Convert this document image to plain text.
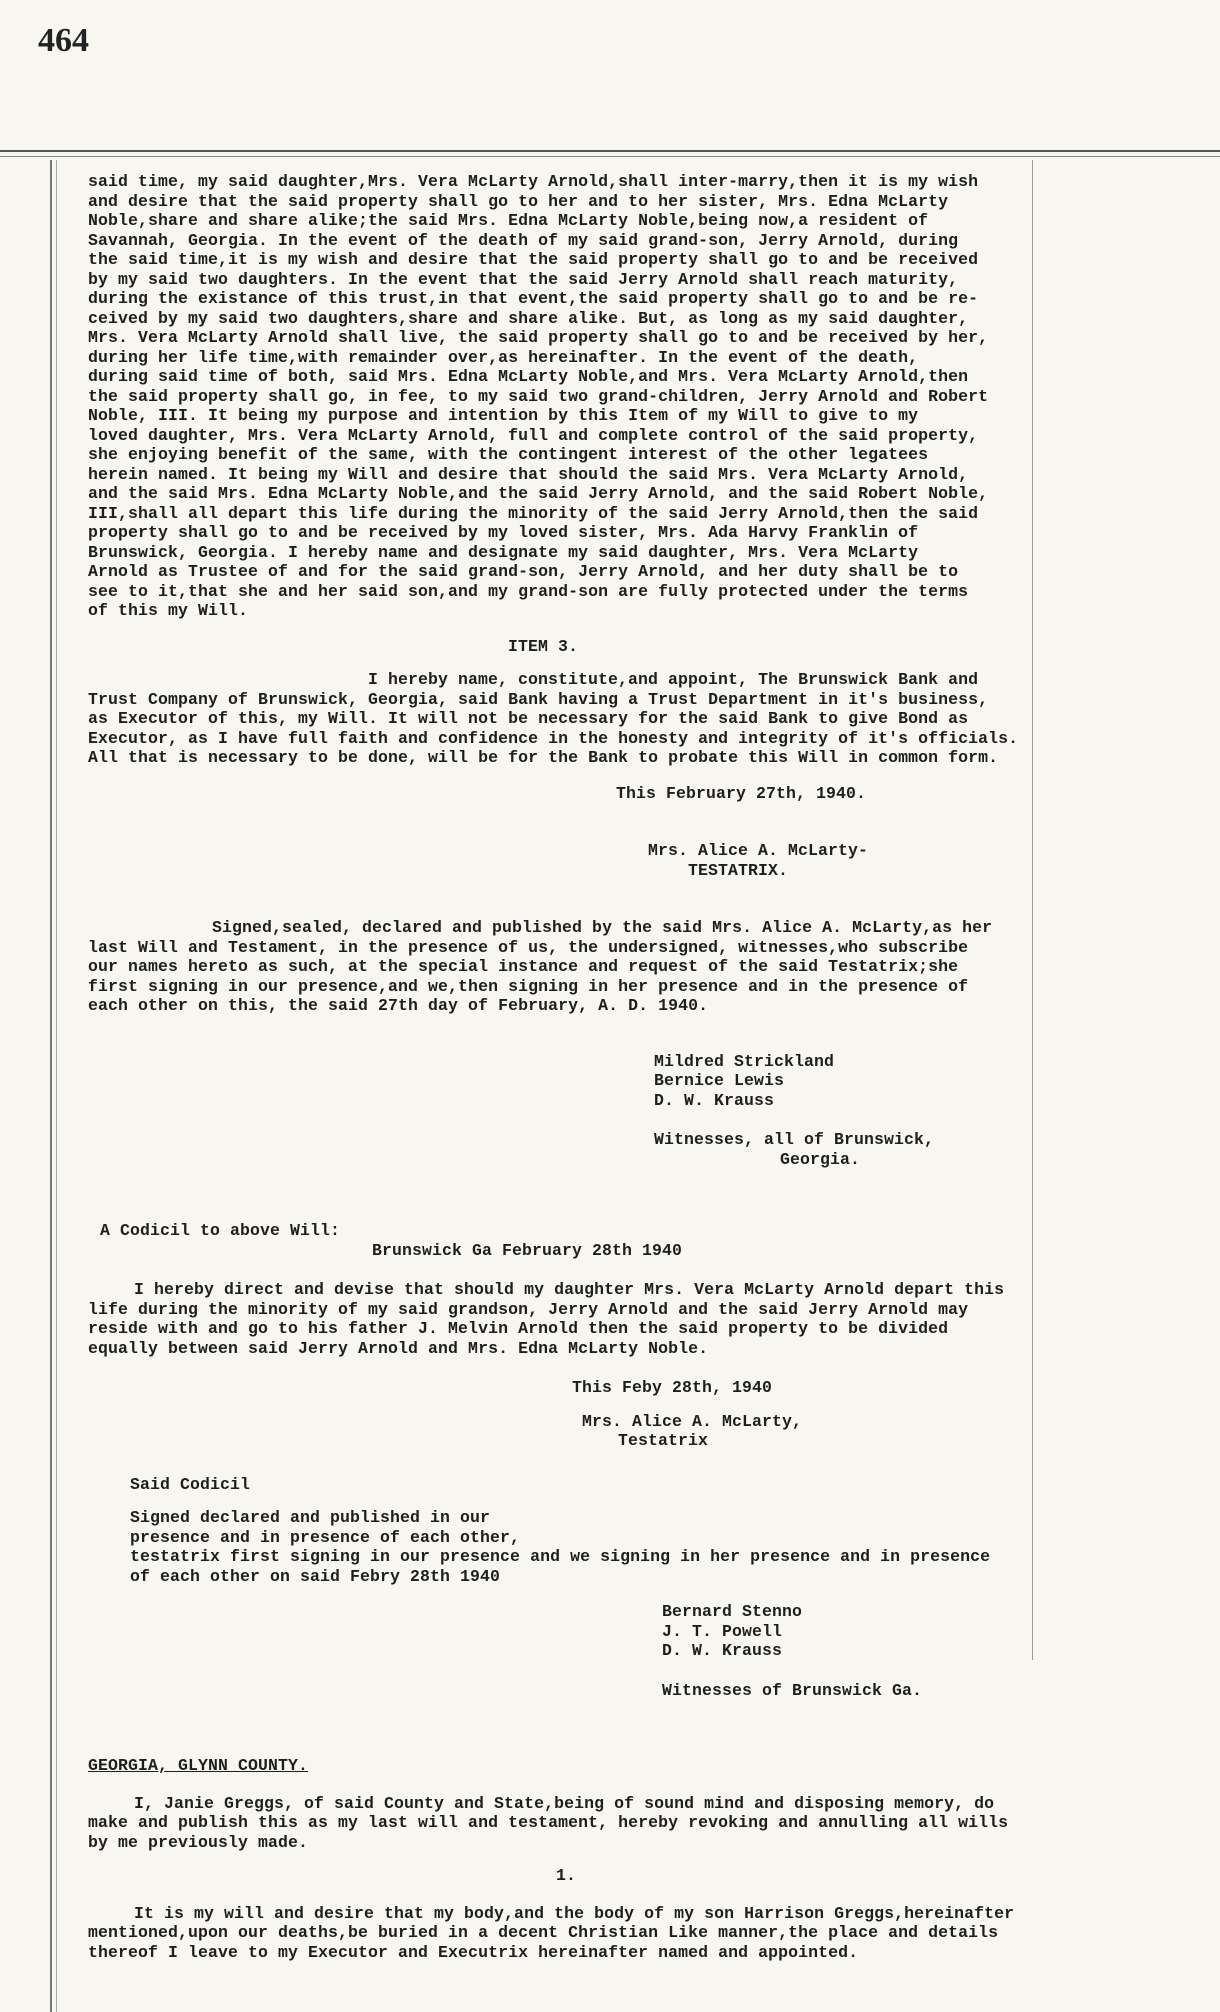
464
said time, my said daughter,Mrs. Vera McLarty Arnold,shall inter-marry,then it is my wish
and desire that the said property shall go to her and to her sister, Mrs. Edna McLarty
Noble,share and share alike;the said Mrs. Edna McLarty Noble,being now,a resident of
Savannah, Georgia. In the event of the death of my said grand-son, Jerry Arnold, during
the said time,it is my wish and desire that the said property shall go to and be received
by my said two daughters. In the event that the said Jerry Arnold shall reach maturity,
during the existance of this trust,in that event,the said property shall go to and be re-
ceived by my said two daughters,share and share alike. But, as long as my said daughter,
Mrs. Vera McLarty Arnold shall live, the said property shall go to and be received by her,
during her life time,with remainder over,as hereinafter. In the event of the death,
during said time of both, said Mrs. Edna McLarty Noble,and Mrs. Vera McLarty Arnold,then
the said property shall go, in fee, to my said two grand-children, Jerry Arnold and Robert
Noble, III. It being my purpose and intention by this Item of my Will to give to my
loved daughter, Mrs. Vera McLarty Arnold, full and complete control of the said property,
she enjoying benefit of the same, with the contingent interest of the other legatees
herein named. It being my Will and desire that should the said Mrs. Vera McLarty Arnold,
and the said Mrs. Edna McLarty Noble,and the said Jerry Arnold, and the said Robert Noble,
III,shall all depart this life during the minority of the said Jerry Arnold,then the said
property shall go to and be received by my loved sister, Mrs. Ada Harvy Franklin of
Brunswick, Georgia. I hereby name and designate my said daughter, Mrs. Vera McLarty
Arnold as Trustee of and for the said grand-son, Jerry Arnold, and her duty shall be to
see to it,that she and her said son,and my grand-son are fully protected under the terms
of this my Will.
ITEM 3.
I hereby name, constitute,and appoint, The Brunswick Bank and
Trust Company of Brunswick, Georgia, said Bank having a Trust Department in it's business,
as Executor of this, my Will. It will not be necessary for the said Bank to give Bond as
Executor, as I have full faith and confidence in the honesty and integrity of it's officials.
All that is necessary to be done, will be for the Bank to probate this Will in common form.
This February 27th, 1940.
Mrs. Alice A. McLarty-
TESTATRIX.
Signed,sealed, declared and published by the said Mrs. Alice A. McLarty,as her
last Will and Testament, in the presence of us, the undersigned, witnesses,who subscribe
our names hereto as such, at the special instance and request of the said Testatrix;she
first signing in our presence,and we,then signing in her presence and in the presence of
each other on this, the said 27th day of February, A. D. 1940.
Mildred Strickland
Bernice Lewis
D. W. Krauss
Witnesses, all of Brunswick,
Georgia.
A Codicil to above Will:
Brunswick Ga February 28th 1940
I hereby direct and devise that should my daughter Mrs. Vera McLarty Arnold depart this
life during the minority of my said grandson, Jerry Arnold and the said Jerry Arnold may
reside with and go to his father J. Melvin Arnold then the said property to be divided
equally between said Jerry Arnold and Mrs. Edna McLarty Noble.
This Feby 28th, 1940
Mrs. Alice A. McLarty,
Testatrix
Said Codicil
Signed declared and published in our
presence and in presence of each other,
testatrix first signing in our presence and we signing in her presence and in presence
of each other on said Febry 28th 1940
Bernard Stenno
J. T. Powell
D. W. Krauss
Witnesses of Brunswick Ga.
GEORGIA, GLYNN COUNTY.
I, Janie Greggs, of said County and State,being of sound mind and disposing memory, do
make and publish this as my last will and testament, hereby revoking and annulling all wills
by me previously made.
1.
It is my will and desire that my body,and the body of my son Harrison Greggs,hereinafter
mentioned,upon our deaths,be buried in a decent Christian Like manner,the place and details
thereof I leave to my Executor and Executrix hereinafter named and appointed.
